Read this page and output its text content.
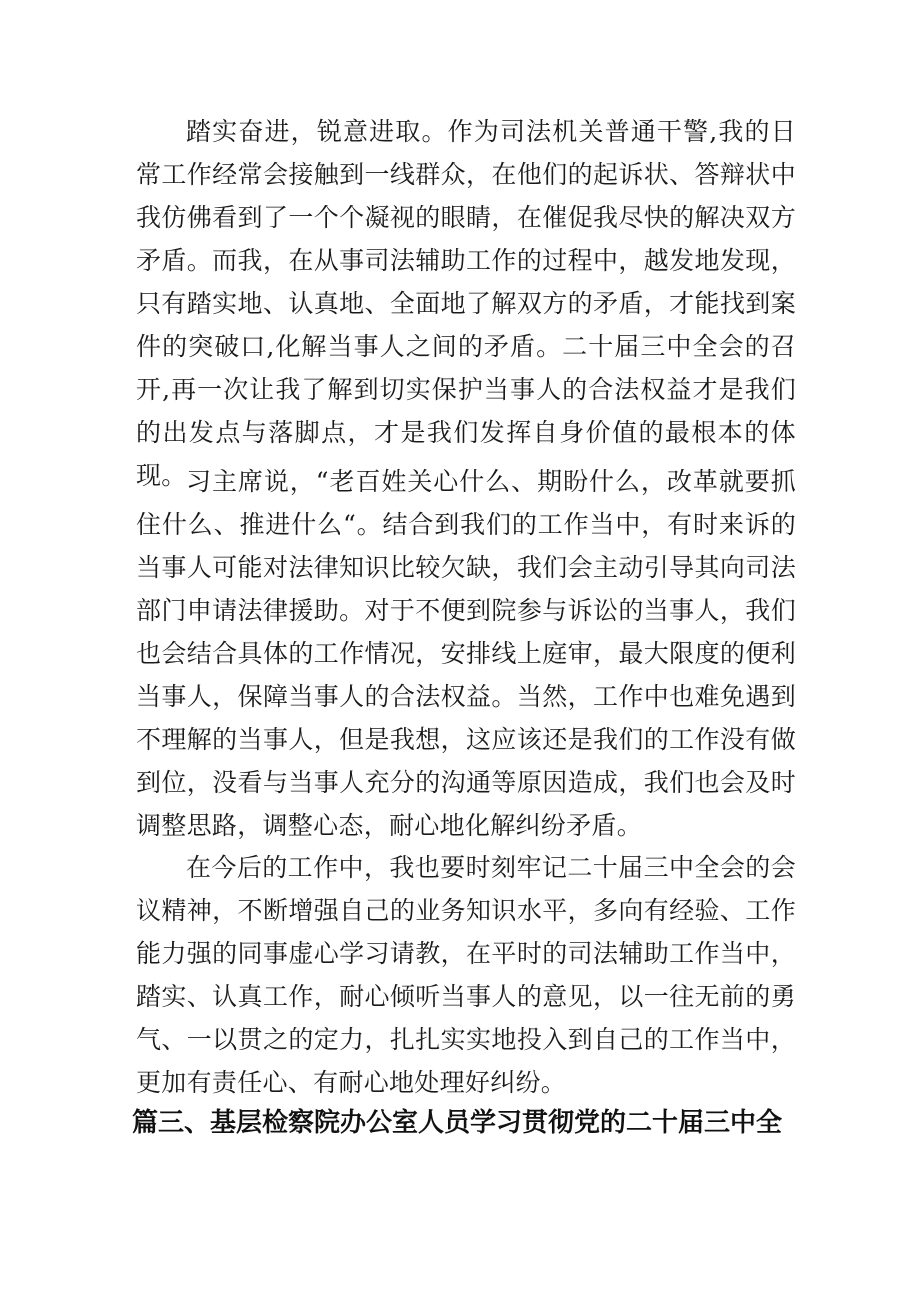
踏实奋进，锐意进取。作为司法机关普通干警,我的日常工作经常会接触到一线群众，在他们的起诉状、答辩状中我仿佛看到了一个个凝视的眼睛，在催促我尽快的解决双方矛盾。而我，在从事司法辅助工作的过程中，越发地发现，只有踏实地、认真地、全面地了解双方的矛盾，才能找到案件的突破口,化解当事人之间的矛盾。二十届三中全会的召开,再一次让我了解到切实保护当事人的合法权益才是我们的出发点与落脚点，才是我们发挥自身价值的最根本的体现。 习主席说，“老百姓关心什么、期盼什么，改革就要抓住什么、推进什么“。结合到我们的工作当中，有时来诉的当事人可能对法律知识比较欠缺，我们会主动引导其向司法部门申请法律援助。对于不便到院参与诉讼的当事人，我们也会结合具体的工作情况，安排线上庭审，最大限度的便利当事人，保障当事人的合法权益。当然，工作中也难免遇到不理解的当事人，但是我想，这应该还是我们的工作没有做到位，没看与当事人充分的沟通等原因造成，我们也会及时调整思路，调整心态，耐心地化解纠纷矛盾。

在今后的工作中，我也要时刻牢记二十届三中全会的会议精神，不断增强自己的业务知识水平，多向有经验、工作能力强的同事虚心学习请教，在平时的司法辅助工作当中，踏实、认真工作，耐心倾听当事人的意见，以一往无前的勇气、一以贯之的定力，扎扎实实地投入到自己的工作当中，更加有责任心、有耐心地处理好纠纷。

篇三、基层检察院办公室人员学习贯彻党的二十届三中全
